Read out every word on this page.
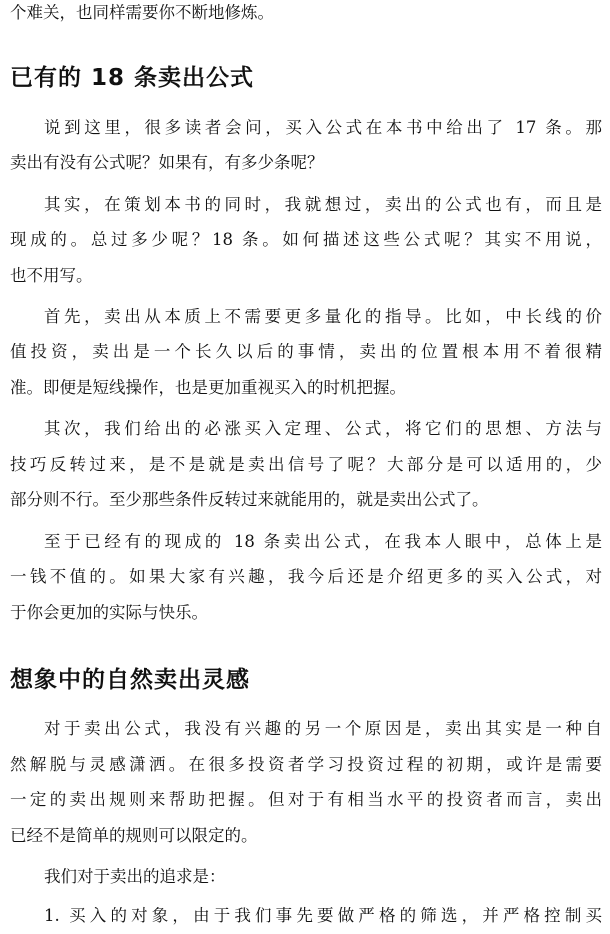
个难关，也同样需要你不断地修炼。
已有的 18 条卖出公式
说到这里，很多读者会问，买入公式在本书中给出了 17 条。那
卖出有没有公式呢？如果有，有多少条呢？
其实，在策划本书的同时，我就想过，卖出的公式也有，而且是
现成的。总过多少呢？18 条。如何描述这些公式呢？其实不用说，
也不用写。
首先，卖出从本质上不需要更多量化的指导。比如，中长线的价
值投资，卖出是一个长久以后的事情，卖出的位置根本用不着很精
准。即便是短线操作，也是更加重视买入的时机把握。
其次，我们给出的必涨买入定理、公式，将它们的思想、方法与
技巧反转过来，是不是就是卖出信号了呢？大部分是可以适用的，少
部分则不行。至少那些条件反转过来就能用的，就是卖出公式了。
至于已经有的现成的 18 条卖出公式，在我本人眼中，总体上是
一钱不值的。如果大家有兴趣，我今后还是介绍更多的买入公式，对
于你会更加的实际与快乐。
想象中的自然卖出灵感
对于卖出公式，我没有兴趣的另一个原因是，卖出其实是一种自
然解脱与灵感潇洒。在很多投资者学习投资过程的初期，或许是需要
一定的卖出规则来帮助把握。但对于有相当水平的投资者而言，卖出
已经不是简单的规则可以限定的。
我们对于卖出的追求是：
1. 买入的对象，由于我们事先要做严格的筛选，并严格控制买
